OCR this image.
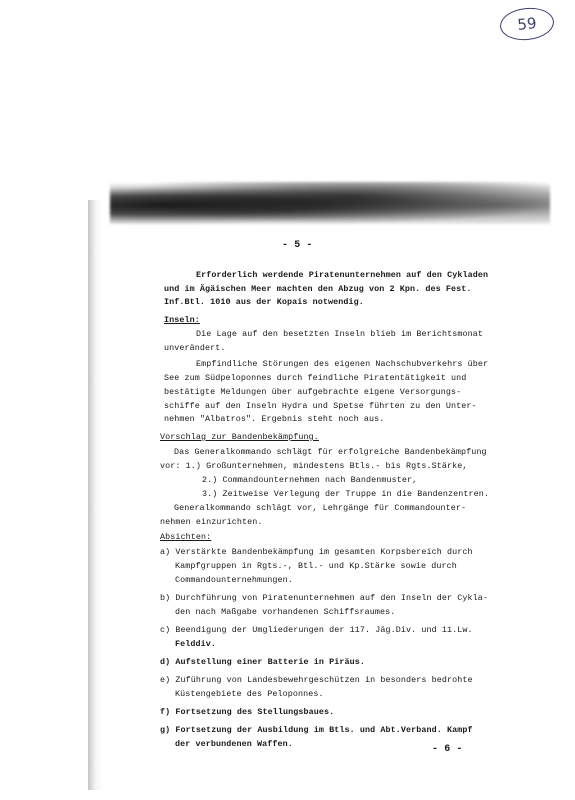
59
- 5 -
Erforderlich werdende Piratenunternehmen auf den Cykladen
und im Ägäischen Meer machten den Abzug von 2 Kpn. des Fest.
Inf.Btl. 1010 aus der Kopais notwendig.
Inseln:
Die Lage auf den besetzten Inseln blieb im Berichtsmonat
unverändert.
Empfindliche Störungen des eigenen Nachschubverkehrs über
See zum Südpeloponnes durch feindliche Piratentätigkeit und
bestätigte Meldungen über aufgebrachte eigene Versorgungs-
schiffe auf den Inseln Hydra und Spetse führten zu den Unter-
nehmen "Albatros". Ergebnis steht noch aus.
Vorschlag zur Bandenbekämpfung.
Das Generalkommando schlägt für erfolgreiche Bandenbekämpfung
vor: 1.) Großunternehmen, mindestens Btls.- bis Rgts.Stärke,
2.) Commandounternehmen nach Bandenmuster,
3.) Zeitweise Verlegung der Truppe in die Bandenzentren.
Generalkommando schlägt vor, Lehrgänge für Commandounter-
nehmen einzurichten.
Absichten:
a) Verstärkte Bandenbekämpfung im gesamten Korpsbereich durch
Kampfgruppen in Rgts.-, Btl.- und Kp.Stärke sowie durch
Commandounternehmungen.
b) Durchführung von Piratenunternehmen auf den Inseln der Cykla-
den nach Maßgabe vorhandenen Schiffsraumes.
c) Beendigung der Umgliederungen der 117. Jäg.Div. und 11.Lw.
Felddiv.
d) Aufstellung einer Batterie in Piräus.
e) Zuführung von Landesbewehrgeschützen in besonders bedrohte
Küstengebiete des Peloponnes.
f) Fortsetzung des Stellungsbaues.
g) Fortsetzung der Ausbildung im Btls. und Abt.Verband. Kampf
der verbundenen Waffen.	- 6 -
